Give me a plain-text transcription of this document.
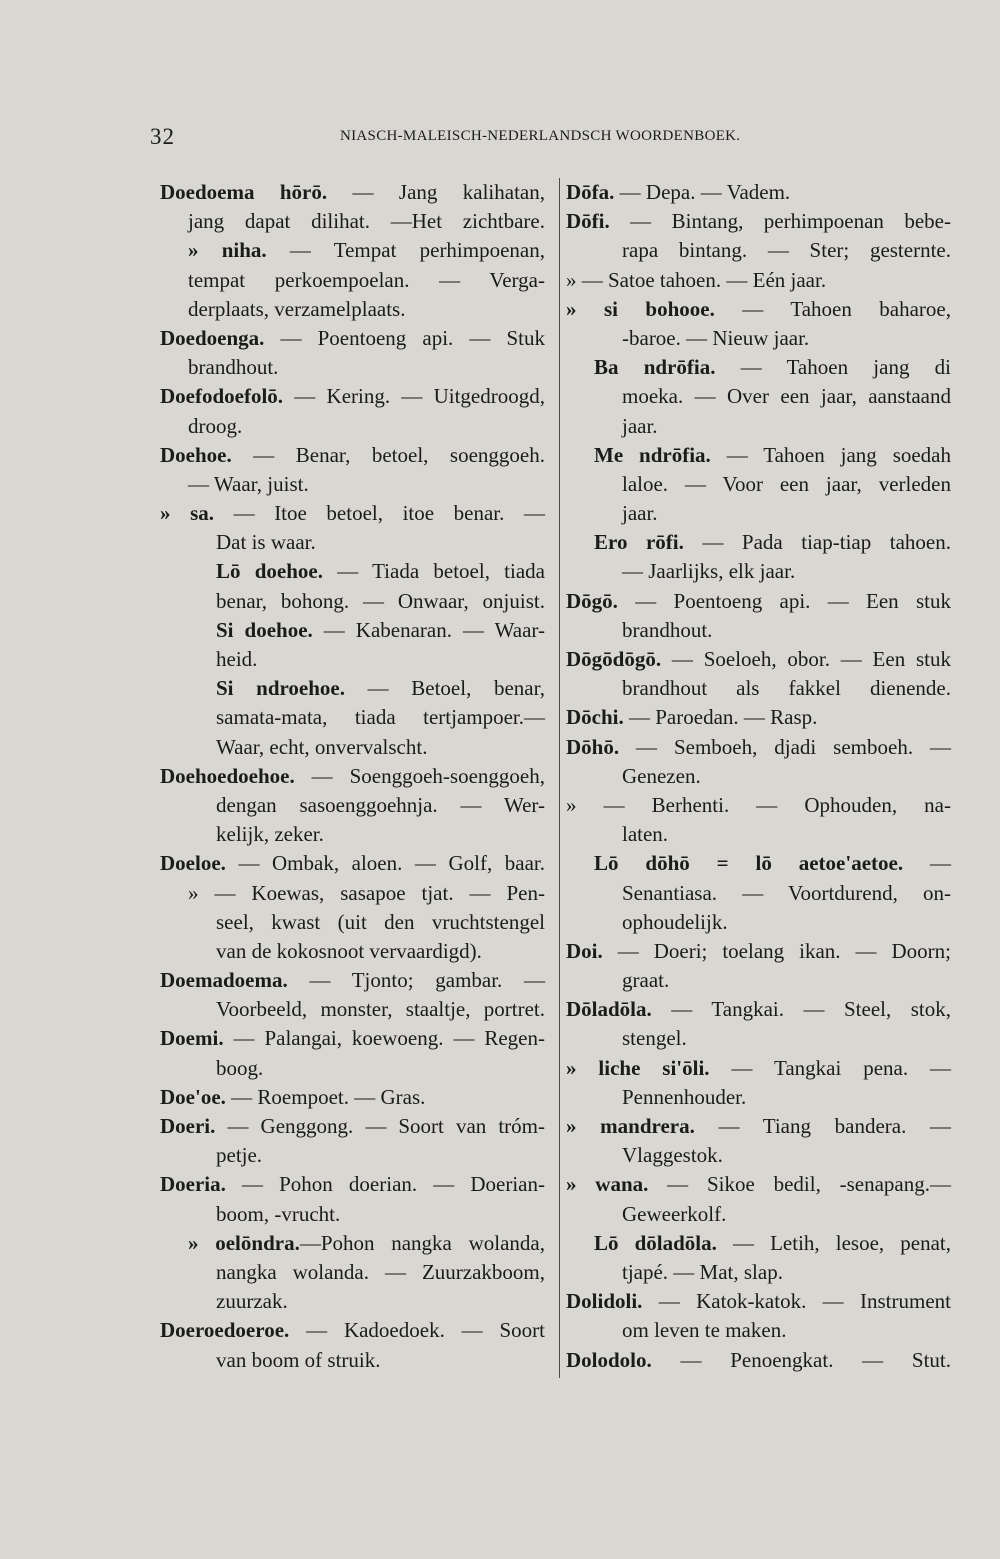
32	NIASCH-MALEISCH-NEDERLANDSCH WOORDENBOEK.
Doedoema hōrō. — Jang kalihatan,
jang dapat dilihat. —Het zichtbare.
» niha. — Tempat perhimpoenan,
tempat perkoempoelan. — Verga-
derplaats, verzamelplaats.
Doedoenga. — Poentoeng api. — Stuk
brandhout.
Doefodoefolō. — Kering. — Uitgedroogd,
droog.
Doehoe. — Benar, betoel, soenggoeh.
— Waar, juist.
» sa. — Itoe betoel, itoe benar. —
Dat is waar.
Lō doehoe. — Tiada betoel, tiada
benar, bohong. — Onwaar, onjuist.
Si doehoe. — Kabenaran. — Waar-
heid.
Si ndroehoe. — Betoel, benar,
samata-mata, tiada tertjampoer.—
Waar, echt, onvervalscht.
Doehoedoehoe. — Soenggoeh-soenggoeh,
dengan sasoenggoehnja. — Wer-
kelijk, zeker.
Doeloe. — Ombak, aloen. — Golf, baar.
» — Koewas, sasapoe tjat. — Pen-
seel, kwast (uit den vruchtstengel
van de kokosnoot vervaardigd).
Doemadoema. — Tjonto; gambar. —
Voorbeeld, monster, staaltje, portret.
Doemi. — Palangai, koewoeng. — Regen-
boog.
Doe'oe. — Roempoet. — Gras.
Doeri. — Genggong. — Soort van tróm-
petje.
Doeria. — Pohon doerian. — Doerian-
boom, -vrucht.
» oelōndra.—Pohon nangka wolanda,
nangka wolanda. — Zuurzakboom,
zuurzak.
Doeroedoeroe. — Kadoedoek. — Soort
van boom of struik.
Dōfa. — Depa. — Vadem.
Dōfi. — Bintang, perhimpoenan bebe-
rapa bintang. — Ster; gesternte.
» — Satoe tahoen. — Eén jaar.
» si bohooe. — Tahoen baharoe,
-baroe. — Nieuw jaar.
Ba ndrōfia. — Tahoen jang di
moeka. — Over een jaar, aanstaand
jaar.
Me ndrōfia. — Tahoen jang soedah
laloe. — Voor een jaar, verleden
jaar.
Ero rōfi. — Pada tiap-tiap tahoen.
— Jaarlijks, elk jaar.
Dōgō. — Poentoeng api. — Een stuk
brandhout.
Dōgōdōgō. — Soeloeh, obor. — Een stuk
brandhout als fakkel dienende.
Dōchi. — Paroedan. — Rasp.
Dōhō. — Semboeh, djadi semboeh. —
Genezen.
» — Berhenti. — Ophouden, na-
laten.
Lō dōhō = lō aetoe'aetoe. —
Senantiasa. — Voortdurend, on-
ophoudelijk.
Doi. — Doeri; toelang ikan. — Doorn;
graat.
Dōladōla. — Tangkai. — Steel, stok,
stengel.
» liche si'ōli. — Tangkai pena. —
Pennenhouder.
» mandrera. — Tiang bandera. —
Vlaggestok.
» wana. — Sikoe bedil, -senapang.—
Geweerkolf.
Lō dōladōla. — Letih, lesoe, penat,
tjapé. — Mat, slap.
Dolidoli. — Katok-katok. — Instrument
om leven te maken.
Dolodolo. — Penoengkat. — Stut.
